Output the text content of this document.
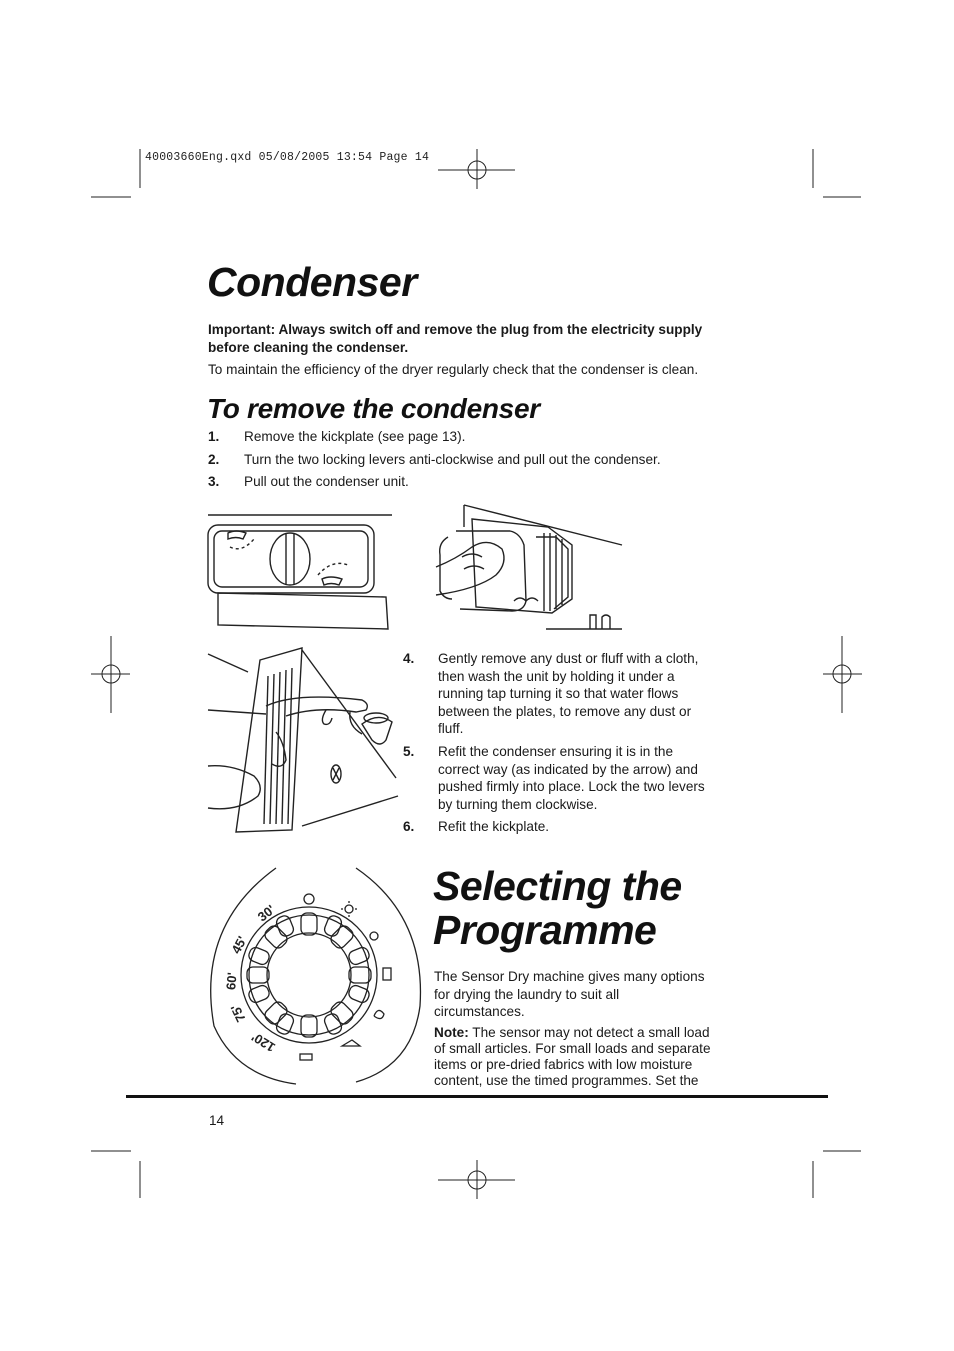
40003660Eng.qxd 05/08/2005 13:54 Page 14
Condenser
Important: Always switch off and remove the plug from the electricity supply
before cleaning the condenser.
To maintain the efficiency of the dryer regularly check that the condenser is clean.
To remove the condenser
1. Remove the kickplate (see page 13).
2. Turn the two locking levers anti-clockwise and pull out the condenser.
3. Pull out the condenser unit.
4. Gently remove any dust or fluff with a cloth,
then wash the unit by holding it under a
running tap turning it so that water flows
between the plates, to remove any dust or
fluff.
5. Refit the condenser ensuring it is in the
correct way (as indicated by the arrow) and
pushed firmly into place. Lock the two levers
by turning them clockwise.
6. Refit the kickplate.
30'
45'
60'
75'
120'
Selecting the
Programme
The Sensor Dry machine gives many options
for drying the laundry to suit all
circumstances.
Note: The sensor may not detect a small load
of small articles. For small loads and separate
items or pre-dried fabrics with low moisture
content, use the timed programmes. Set the
14
